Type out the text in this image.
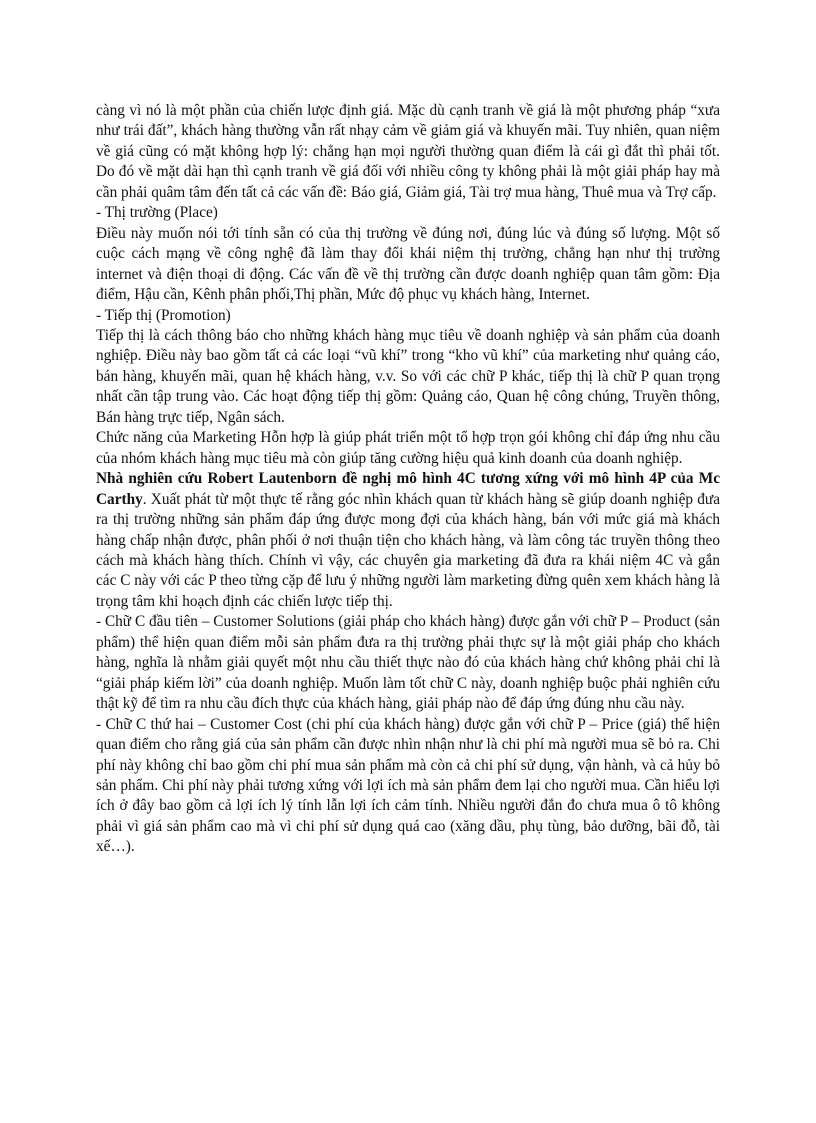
càng vì nó là một phần của chiến lược định giá. Mặc dù cạnh tranh về giá là một phương pháp “xưa như trái đất”, khách hàng thường vẫn rất nhạy cảm về giảm giá và khuyến mãi. Tuy nhiên, quan niệm về giá cũng có mặt không hợp lý: chẳng hạn mọi người thường quan điểm là cái gì đắt thì phải tốt. Do đó về mặt dài hạn thì cạnh tranh về giá đối với nhiều công ty không phải là một giải pháp hay mà cần phải quâm tâm đến tất cả các vấn đề: Báo giá, Giảm giá, Tài trợ mua hàng, Thuê mua và Trợ cấp.

- Thị trường (Place)

Điều này muốn nói tới tính sẵn có của thị trường về đúng nơi, đúng lúc và đúng số lượng. Một số cuộc cách mạng về công nghệ đã làm thay đổi khái niệm thị trường, chẳng hạn như thị trường internet và điện thoại di động. Các vấn đề về thị trường cần được doanh nghiệp quan tâm gồm: Địa điểm, Hậu cần, Kênh phân phối,Thị phần, Mức độ phục vụ khách hàng, Internet.

- Tiếp thị (Promotion)

Tiếp thị là cách thông báo cho những khách hàng mục tiêu về doanh nghiệp và sản phẩm của doanh nghiệp. Điều này bao gồm tất cả các loại “vũ khí” trong “kho vũ khí” của marketing như quảng cáo, bán hàng, khuyến mãi, quan hệ khách hàng, v.v. So với các chữ P khác, tiếp thị là chữ P quan trọng nhất cần tập trung vào. Các hoạt động tiếp thị gồm: Quảng cáo, Quan hệ công chúng, Truyền thông, Bán hàng trực tiếp, Ngân sách.

Chức năng của Marketing Hỗn hợp là giúp phát triển một tổ hợp trọn gói không chỉ đáp ứng nhu cầu của nhóm khách hàng mục tiêu mà còn giúp tăng cường hiệu quả kinh doanh của doanh nghiệp.

Nhà nghiên cứu Robert Lautenborn đề nghị mô hình 4C tương xứng với mô hình 4P của Mc Carthy. Xuất phát từ một thực tế rằng góc nhìn khách quan từ khách hàng sẽ giúp doanh nghiệp đưa ra thị trường những sản phẩm đáp ứng được mong đợi của khách hàng, bán với mức giá mà khách hàng chấp nhận được, phân phối ở nơi thuận tiện cho khách hàng, và làm công tác truyền thông theo cách mà khách hàng thích. Chính vì vậy, các chuyên gia marketing đã đưa ra khái niệm 4C và gắn các C này với các P theo từng cặp để lưu ý những người làm marketing đừng quên xem khách hàng là trọng tâm khi hoạch định các chiến lược tiếp thị.

- Chữ C đầu tiên – Customer Solutions (giải pháp cho khách hàng) được gắn với chữ P – Product (sản phẩm) thể hiện quan điểm mỗi sản phẩm đưa ra thị trường phải thực sự là một giải pháp cho khách hàng, nghĩa là nhằm giải quyết một nhu cầu thiết thực nào đó của khách hàng chứ không phải chỉ là “giải pháp kiếm lời” của doanh nghiệp. Muốn làm tốt chữ C này, doanh nghiệp buộc phải nghiên cứu thật kỹ để tìm ra nhu cầu đích thực của khách hàng, giải pháp nào để đáp ứng đúng nhu cầu này.

- Chữ C thứ hai – Customer Cost (chi phí của khách hàng) được gắn với chữ P – Price (giá) thể hiện quan điểm cho rằng giá của sản phẩm cần được nhìn nhận như là chi phí mà người mua sẽ bỏ ra. Chi phí này không chỉ bao gồm chi phí mua sản phẩm mà còn cả chi phí sử dụng, vận hành, và cả hủy bỏ sản phẩm. Chi phí này phải tương xứng với lợi ích mà sản phẩm đem lại cho người mua. Cần hiểu lợi ích ở đây bao gồm cả lợi ích lý tính lẫn lợi ích cảm tính. Nhiều người đắn đo chưa mua ô tô không phải vì giá sản phẩm cao mà vì chi phí sử dụng quá cao (xăng dầu, phụ tùng, bảo dưỡng, bãi đỗ, tài xế…).
